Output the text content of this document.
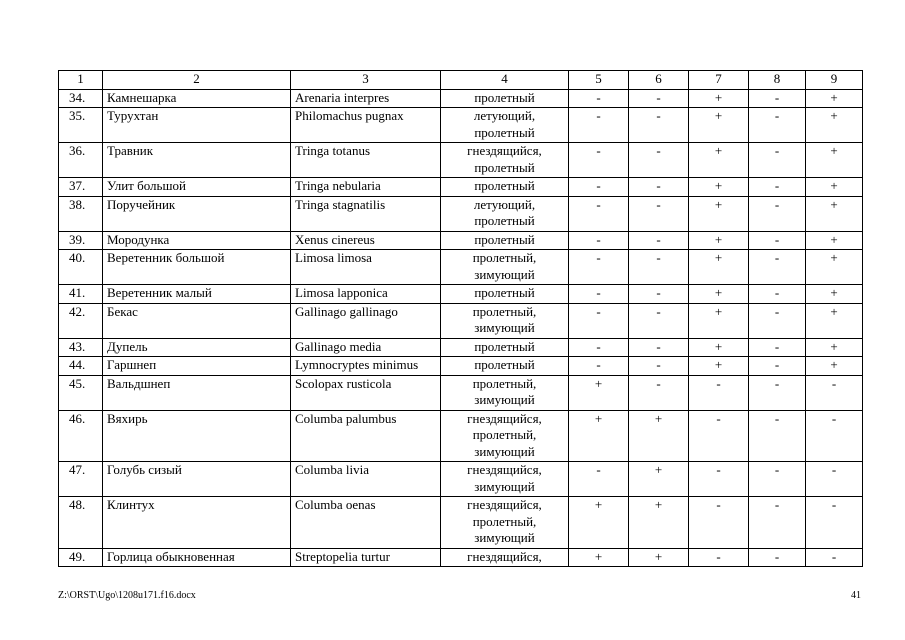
1	2	3	4	5	6	7	8	9
34.	Камнешарка	Arenaria interpres	пролетный	-	-	+	-	+
35.	Турухтан	Philomachus pugnax	летующий,
пролетный	-	-	+	-	+
36.	Травник	Tringa totanus	гнездящийся,
пролетный	-	-	+	-	+
37.	Улит большой	Tringa nebularia	пролетный	-	-	+	-	+
38.	Поручейник	Tringa stagnatilis	летующий,
пролетный	-	-	+	-	+
39.	Мородунка	Xenus cinereus	пролетный	-	-	+	-	+
40.	Веретенник большой	Limosa limosa	пролетный,
зимующий	-	-	+	-	+
41.	Веретенник малый	Limosa lapponica	пролетный	-	-	+	-	+
42.	Бекас	Gallinago gallinago	пролетный,
зимующий	-	-	+	-	+
43.	Дупель	Gallinago media	пролетный	-	-	+	-	+
44.	Гаршнеп	Lymnocryptes minimus	пролетный	-	-	+	-	+
45.	Вальдшнеп	Scolopax rusticola	пролетный,
зимующий	+	-	-	-	-
46.	Вяхирь	Columba palumbus	гнездящийся,
пролетный,
зимующий	+	+	-	-	-
47.	Голубь сизый	Columba livia	гнездящийся,
зимующий	-	+	-	-	-
48.	Клинтух	Columba oenas	гнездящийся,
пролетный,
зимующий	+	+	-	-	-
49.	Горлица обыкновенная	Streptopelia turtur	гнездящийся,	+	+	-	-	-
Z:\ORST\Ugo\1208u171.f16.docx	41
